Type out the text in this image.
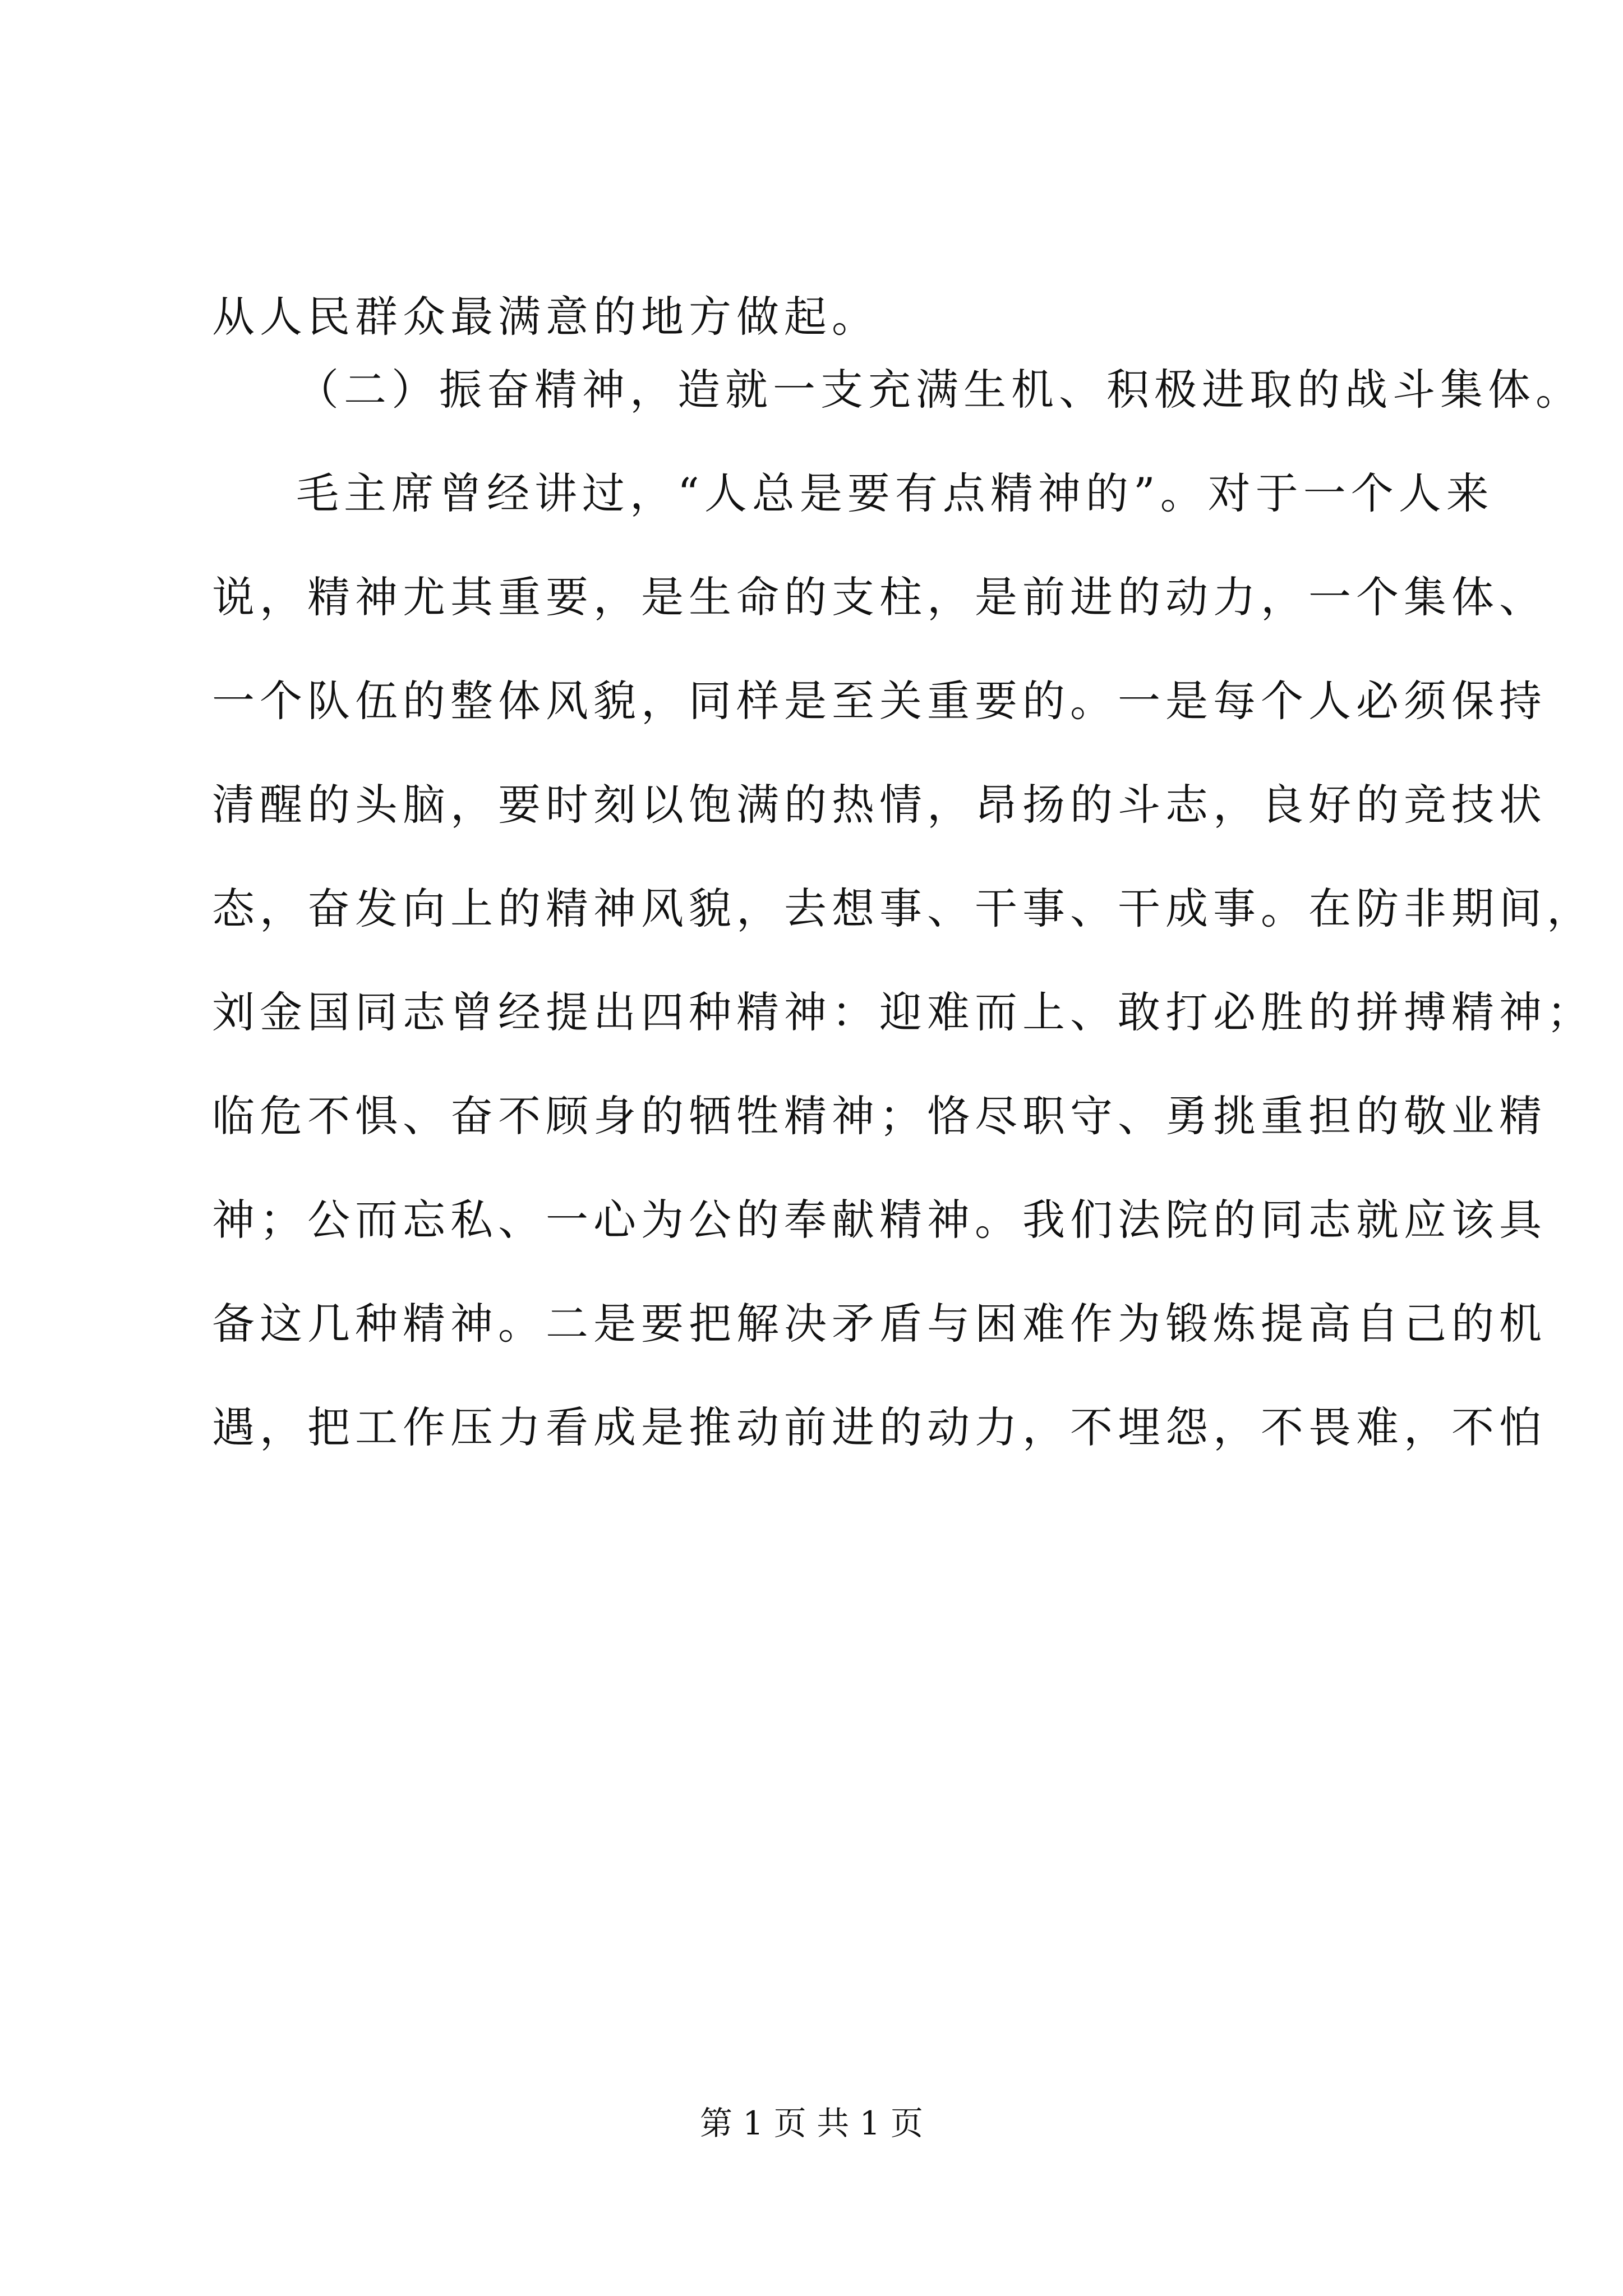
从人民群众最满意的地方做起。
（二）振奋精神，造就一支充满生机、积极进取的战斗集体。
毛主席曾经讲过，“人总是要有点精神的”。对于一个人来
说，精神尤其重要，是生命的支柱，是前进的动力，一个集体、
一个队伍的整体风貌，同样是至关重要的。一是每个人必须保持
清醒的头脑，要时刻以饱满的热情，昂扬的斗志，良好的竞技状
态，奋发向上的精神风貌，去想事、干事、干成事。在防非期间，
刘金国同志曾经提出四种精神：迎难而上、敢打必胜的拼搏精神；
临危不惧、奋不顾身的牺牲精神；恪尽职守、勇挑重担的敬业精
神；公而忘私、一心为公的奉献精神。我们法院的同志就应该具
备这几种精神。二是要把解决矛盾与困难作为锻炼提高自己的机
遇，把工作压力看成是推动前进的动力，不埋怨，不畏难，不怕
第 1 页 共 1 页
